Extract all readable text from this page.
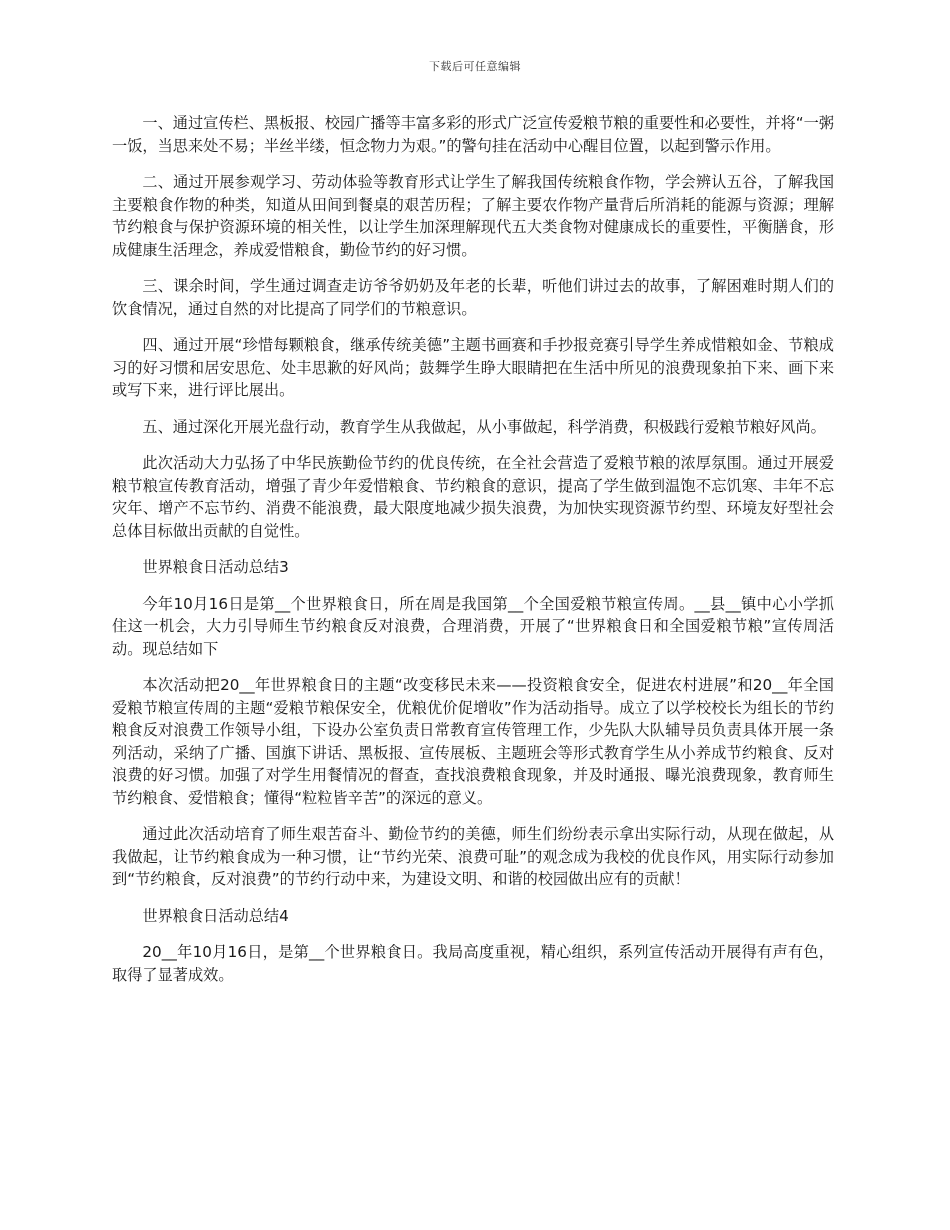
下载后可任意编辑

一、通过宣传栏、黑板报、校园广播等丰富多彩的形式广泛宣传爱粮节粮的重要性和必要性，并将“一粥一饭，当思来处不易；半丝半缕，恒念物力为艰。”的警句挂在活动中心醒目位置，以起到警示作用。

二、通过开展参观学习、劳动体验等教育形式让学生了解我国传统粮食作物，学会辨认五谷，了解我国主要粮食作物的种类，知道从田间到餐桌的艰苦历程；了解主要农作物产量背后所消耗的能源与资源；理解节约粮食与保护资源环境的相关性，以让学生加深理解现代五大类食物对健康成长的重要性，平衡膳食，形成健康生活理念，养成爱惜粮食，勤俭节约的好习惯。

三、课余时间，学生通过调查走访爷爷奶奶及年老的长辈，听他们讲过去的故事，了解困难时期人们的饮食情况，通过自然的对比提高了同学们的节粮意识。

四、通过开展“珍惜每颗粮食，继承传统美德”主题书画赛和手抄报竞赛引导学生养成惜粮如金、节粮成习的好习惯和居安思危、处丰思歉的好风尚；鼓舞学生睁大眼睛把在生活中所见的浪费现象拍下来、画下来或写下来，进行评比展出。

五、通过深化开展光盘行动，教育学生从我做起，从小事做起，科学消费，积极践行爱粮节粮好风尚。

此次活动大力弘扬了中华民族勤俭节约的优良传统，在全社会营造了爱粮节粮的浓厚氛围。通过开展爱粮节粮宣传教育活动，增强了青少年爱惜粮食、节约粮食的意识，提高了学生做到温饱不忘饥寒、丰年不忘灾年、增产不忘节约、消费不能浪费，最大限度地减少损失浪费，为加快实现资源节约型、环境友好型社会总体目标做出贡献的自觉性。

世界粮食日活动总结3

今年10月16日是第__个世界粮食日，所在周是我国第__个全国爱粮节粮宣传周。__县__镇中心小学抓住这一机会，大力引导师生节约粮食反对浪费，合理消费，开展了“世界粮食日和全国爱粮节粮”宣传周活动。现总结如下

本次活动把20__年世界粮食日的主题“改变移民未来——投资粮食安全，促进农村进展”和20__年全国爱粮节粮宣传周的主题“爱粮节粮保安全，优粮优价促增收”作为活动指导。成立了以学校校长为组长的节约粮食反对浪费工作领导小组，下设办公室负责日常教育宣传管理工作，少先队大队辅导员负责具体开展一条列活动，采纳了广播、国旗下讲话、黑板报、宣传展板、主题班会等形式教育学生从小养成节约粮食、反对浪费的好习惯。加强了对学生用餐情况的督查，查找浪费粮食现象，并及时通报、曝光浪费现象，教育师生节约粮食、爱惜粮食；懂得“粒粒皆辛苦”的深远的意义。

通过此次活动培育了师生艰苦奋斗、勤俭节约的美德，师生们纷纷表示拿出实际行动，从现在做起，从我做起，让节约粮食成为一种习惯，让“节约光荣、浪费可耻”的观念成为我校的优良作风，用实际行动参加到“节约粮食，反对浪费”的节约行动中来，为建设文明、和谐的校园做出应有的贡献！

世界粮食日活动总结4

20__年10月16日，是第__个世界粮食日。我局高度重视，精心组织，系列宣传活动开展得有声有色，取得了显著成效。
